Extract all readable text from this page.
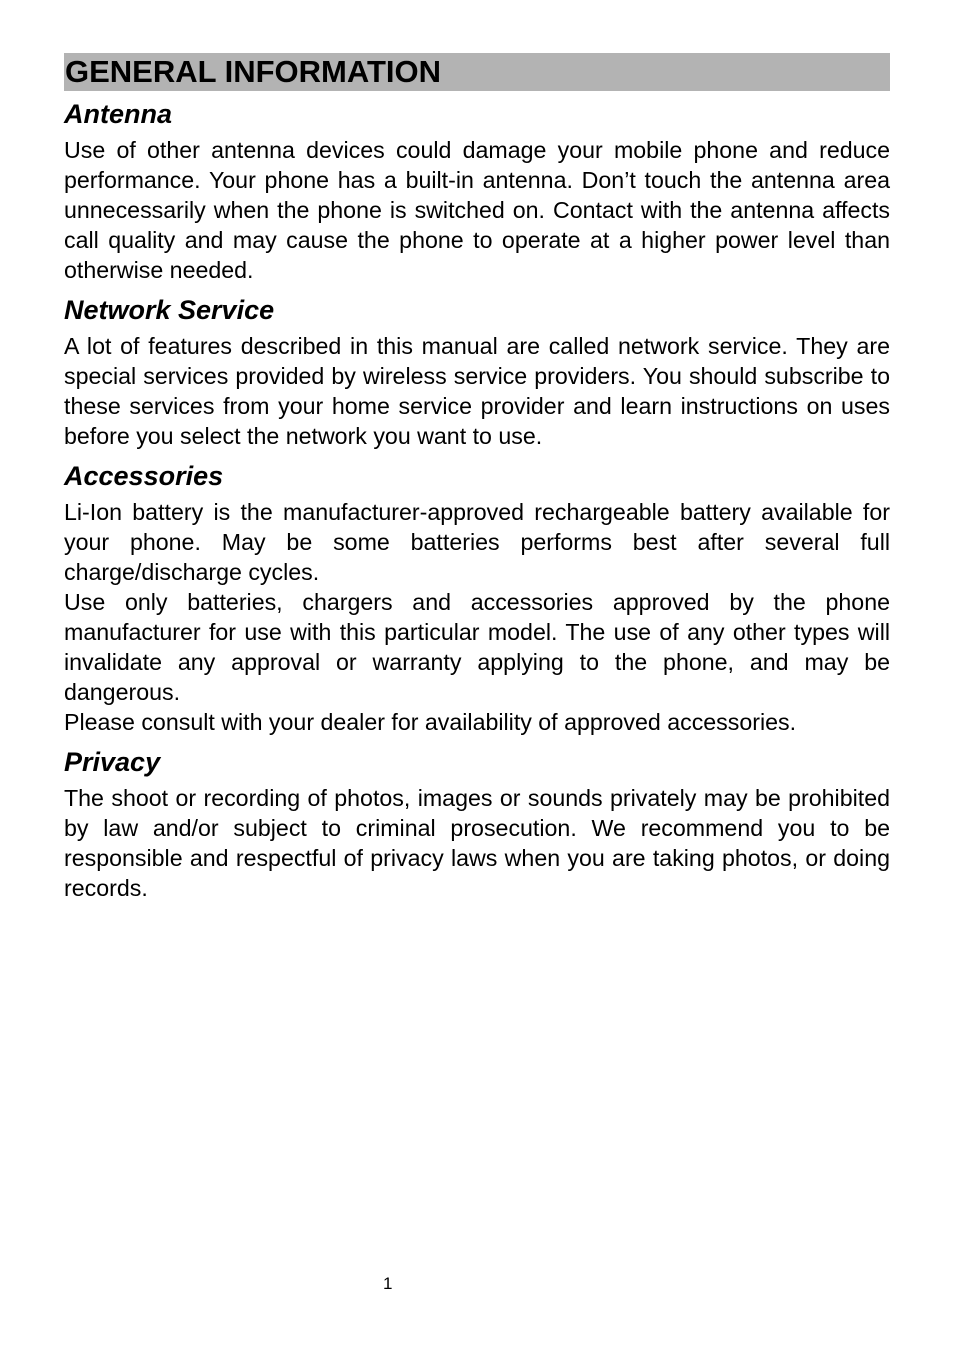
GENERAL INFORMATION
Antenna

Use of other antenna devices could damage your mobile phone and reduce performance. Your phone has a built-in antenna. Don’t touch the antenna area unnecessarily when the phone is switched on. Contact with the antenna affects call quality and may cause the phone to operate at a higher power level than otherwise needed.

Network Service

A lot of features described in this manual are called network service. They are special services provided by wireless service providers. You should subscribe to these services from your home service provider and learn instructions on uses before you select the network you want to use.

Accessories

Li-Ion battery is the manufacturer-approved rechargeable battery available for your phone. May be some batteries performs best after several full charge/discharge cycles.

Use only batteries, chargers and accessories approved by the phone manufacturer for use with this particular model. The use of any other types will invalidate any approval or warranty applying to the phone, and may be dangerous.

Please consult with your dealer for availability of approved accessories.

Privacy

The shoot or recording of photos, images or sounds privately may be prohibited by law and/or subject to criminal prosecution. We recommend you to be responsible and respectful of privacy laws when you are taking photos, or doing records.

1
